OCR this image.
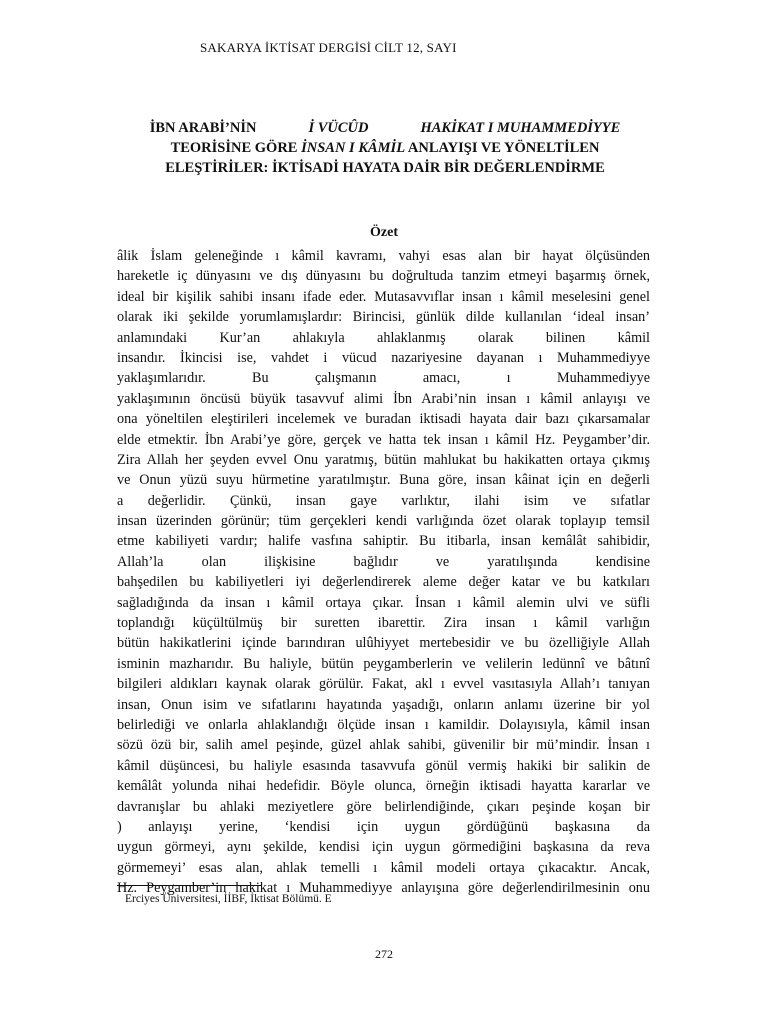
SAKARYA İKTİSAT DERGİSİ CİLT 12, SAYI
İBN ARABİ’NİN	İ VÜCÛD	HAKİKAT I MUHAMMEDİYYE
TEORİSİNE GÖRE İNSAN I KÂMİL ANLAYIŞI VE YÖNELTİLEN
ELEŞTİRİLER: İKTİSADİ HAYATA DAİR BİR DEĞERLENDİRME
Özet
âlik İslam geleneğinde ı kâmil kavramı, vahyi esas alan bir hayat ölçüsünden
hareketle iç dünyasını ve dış dünyasını bu doğrultuda tanzim etmeyi başarmış örnek,
ideal bir kişilik sahibi insanı ifade eder. Mutasavvıflar insan ı kâmil meselesini genel
olarak iki şekilde yorumlamışlardır: Birincisi, günlük dilde kullanılan ‘ideal insan’
anlamındaki Kur’an ahlakıyla ahlaklanmış olarak bilinen kâmil
insandır. İkincisi ise, vahdet i vücud nazariyesine dayanan ı Muhammediyye
yaklaşımlarıdır. Bu çalışmanın amacı, ı Muhammediyye
yaklaşımının öncüsü büyük tasavvuf alimi İbn Arabi’nin insan ı kâmil anlayışı ve
ona yöneltilen eleştirileri incelemek ve buradan iktisadi hayata dair bazı çıkarsamalar
elde etmektir. İbn Arabi’ye göre, gerçek ve hatta tek insan ı kâmil Hz. Peygamber’dir.
Zira Allah her şeyden evvel Onu yaratmış, bütün mahlukat bu hakikatten ortaya çıkmış
ve Onun yüzü suyu hürmetine yaratılmıştır. Buna göre, insan kâinat için en değerli
a değerlidir. Çünkü, insan gaye varlıktır, ilahi isim ve sıfatlar
insan üzerinden görünür; tüm gerçekleri kendi varlığında özet olarak toplayıp temsil
etme kabiliyeti vardır; halife vasfına sahiptir. Bu itibarla, insan kemâlât sahibidir,
Allah’la olan ilişkisine bağlıdır ve yaratılışında kendisine
bahşedilen bu kabiliyetleri iyi değerlendirerek aleme değer katar ve bu katkıları
sağladığında da insan ı kâmil ortaya çıkar. İnsan ı kâmil alemin ulvi ve süfli
toplandığı küçültülmüş bir suretten ibarettir. Zira insan ı kâmil varlığın
bütün hakikatlerini içinde barındıran ulûhiyyet mertebesidir ve bu özelliğiyle Allah
isminin mazharıdır. Bu haliyle, bütün peygamberlerin ve velilerin ledünnî ve bâtınî
bilgileri aldıkları kaynak olarak görülür. Fakat, akl ı evvel vasıtasıyla Allah’ı tanıyan
insan, Onun isim ve sıfatlarını hayatında yaşadığı, onların anlamı üzerine bir yol
belirlediği ve onlarla ahlaklandığı ölçüde insan ı kamildir. Dolayısıyla, kâmil insan
sözü özü bir, salih amel peşinde, güzel ahlak sahibi, güvenilir bir mü’mindir. İnsan ı
kâmil düşüncesi, bu haliyle esasında tasavvufa gönül vermiş hakiki bir salikin de
kemâlât yolunda nihai hedefidir. Böyle olunca, örneğin iktisadi hayatta kararlar ve
davranışlar bu ahlaki meziyetlere göre belirlendiğinde, çıkarı peşinde koşan bir
) anlayışı yerine, ‘kendisi için uygun gördüğünü başkasına da
uygun görmeyi, aynı şekilde, kendisi için uygun görmediğini başkasına da reva
görmemeyi’ esas alan, ahlak temelli ı kâmil modeli ortaya çıkacaktır. Ancak,
Hz. Peygamber’in hakikat ı Muhammediyye anlayışına göre değerlendirilmesinin onu
Erciyes Üniversitesi, İİBF, İktisat Bölümü. E
272
